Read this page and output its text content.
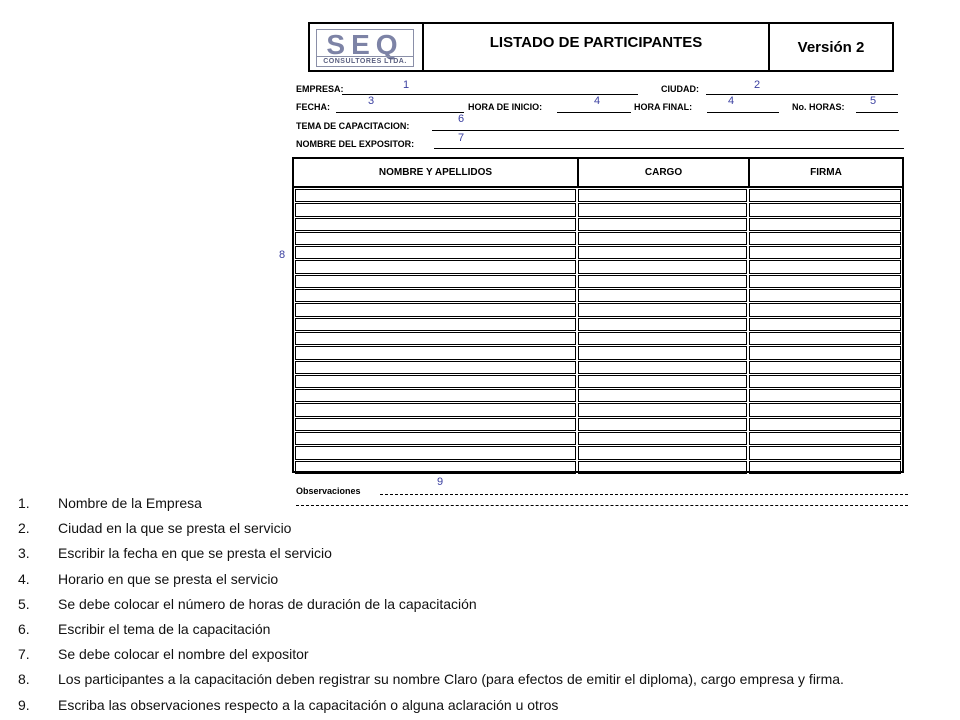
SEQ
CONSULTORES LTDA.
LISTADO DE PARTICIPANTES	Versión 2
EMPRESA:	CIUDAD:
FECHA:	HORA DE INICIO:	HORA FINAL:	No. HORAS:
TEMA DE CAPACITACION:
NOMBRE DEL EXPOSITOR:
1	2
3	4	4	5
6
7
8
9
NOMBRE Y APELLIDOS	CARGO	FIRMA
Observaciones
1.	Nombre de la Empresa
2.	Ciudad en la que se presta el servicio
3.	Escribir la fecha en que se presta el servicio
4.	Horario en que se presta el servicio
5.	Se debe colocar el número de horas de duración de la capacitación
6.	Escribir el tema de la capacitación
7.	Se debe colocar el nombre del expositor
8.	Los participantes a la capacitación deben registrar su nombre Claro (para efectos de emitir el diploma), cargo empresa y firma.
9.	Escriba las observaciones respecto a la capacitación o alguna aclaración u otros
